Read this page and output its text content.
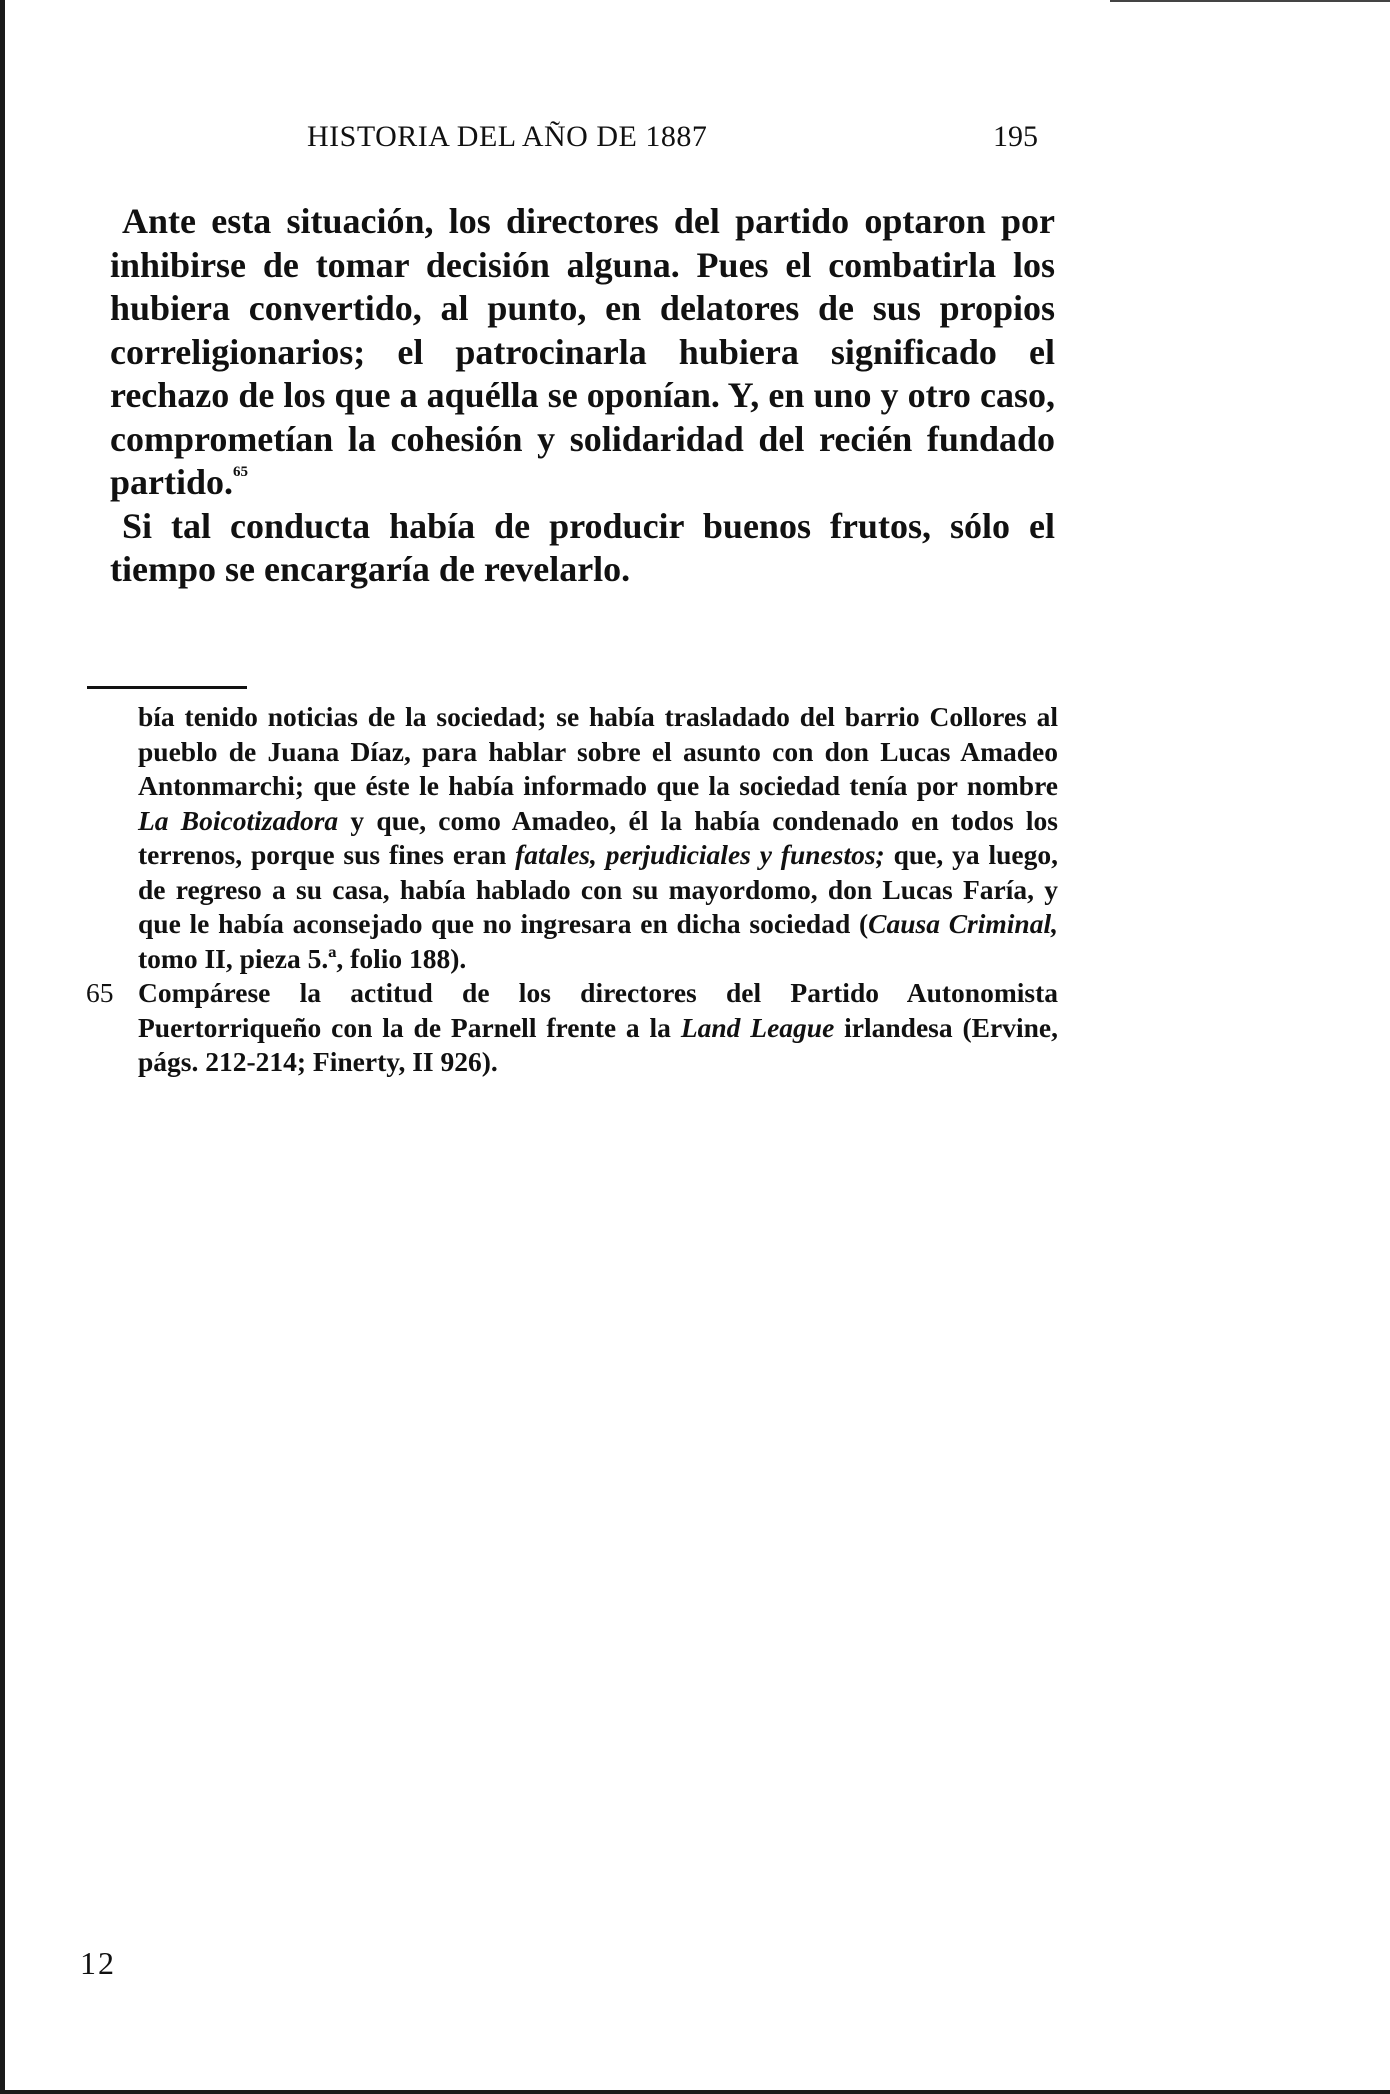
HISTORIA DEL AÑO DE 1887	195

Ante esta situación, los directores del partido optaron por inhibirse de tomar decisión alguna. Pues el combatirla los hubiera convertido, al punto, en delatores de sus propios correligionarios; el patrocinarla hubiera significado el rechazo de los que a aquélla se oponían. Y, en uno y otro caso, comprometían la cohesión y solidaridad del recién fundado partido.$^{65}$

Si tal conducta había de producir buenos frutos, sólo el tiempo se encargaría de revelarlo.

bía tenido noticias de la sociedad; se había trasladado del barrio Collores al pueblo de Juana Díaz, para hablar sobre el asunto con don Lucas Amadeo Antonmarchi; que éste le había informado que la sociedad tenía por nombre La Boicotizadora y que, como Amadeo, él la había condenado en todos los terrenos, porque sus fines eran fatales, perjudiciales y funestos; que, ya luego, de regreso a su casa, había hablado con su mayordomo, don Lucas Faría, y que le había aconsejado que no ingresara en dicha sociedad (Causa Criminal, tomo II, pieza 5.ª, folio 188).

65 Compárese la actitud de los directores del Partido Autonomista Puertorriqueño con la de Parnell frente a la Land League irlandesa (Ervine, págs. 212-214; Finerty, II 926).

12
